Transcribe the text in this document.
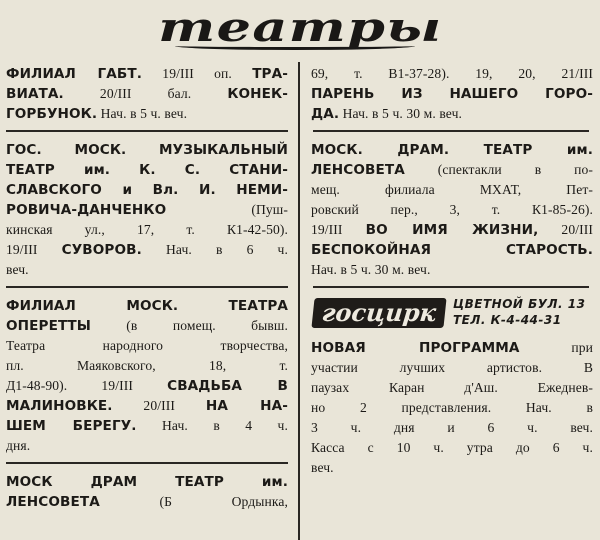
театры
ФИЛИАЛ ГАБТ. 19/III оп. ТРА-
ВИАТА. 20/III бал. КОНЕК-
ГОРБУНОК. Нач. в 5 ч. веч.
ГОС. МОСК. МУЗЫКАЛЬНЫЙ
ТЕАТР им. К. С. СТАНИ-
СЛАВСКОГО и Вл. И. НЕМИ-
РОВИЧА-ДАНЧЕНКО (Пуш-
кинская ул., 17, т. К1-42-50).
19/III СУВОРОВ. Нач. в 6 ч.
веч.
ФИЛИАЛ МОСК. ТЕАТРА
ОПЕРЕТТЫ (в помещ. бывш.
Театра народного творчества,
пл. Маяковского, 18, т.
Д1-48-90). 19/III СВАДЬБА В
МАЛИНОВКЕ. 20/III НА НА-
ШЕМ БЕРЕГУ. Нач. в 4 ч.
дня.
МОСК ДРАМ ТЕАТР им.
ЛЕНСОВЕТА (Б Ордынка,
69, т. В1-37-28). 19, 20, 21/III
ПАРЕНЬ ИЗ НАШЕГО ГОРО-
ДА. Нач. в 5 ч. 30 м. веч.
МОСК. ДРАМ. ТЕАТР им.
ЛЕНСОВЕТА (спектакли в по-
мещ. филиала МХАТ, Пет-
ровский пер., 3, т. К1-85-26).
19/III ВО ИМЯ ЖИЗНИ, 20/III
БЕСПОКОЙНАЯ СТАРОСТЬ.
Нач. в 5 ч. 30 м. веч.
госцирк	ЦВЕТНОЙ БУЛ. 13
ТЕЛ. К-4-44-31
НОВАЯ ПРОГРАММА при
участии лучших артистов. В
паузах Каран д'Аш. Ежеднев-
но 2 представления. Нач. в
3 ч. дня и 6 ч. веч.
Касса с 10 ч. утра до 6 ч.
веч.
